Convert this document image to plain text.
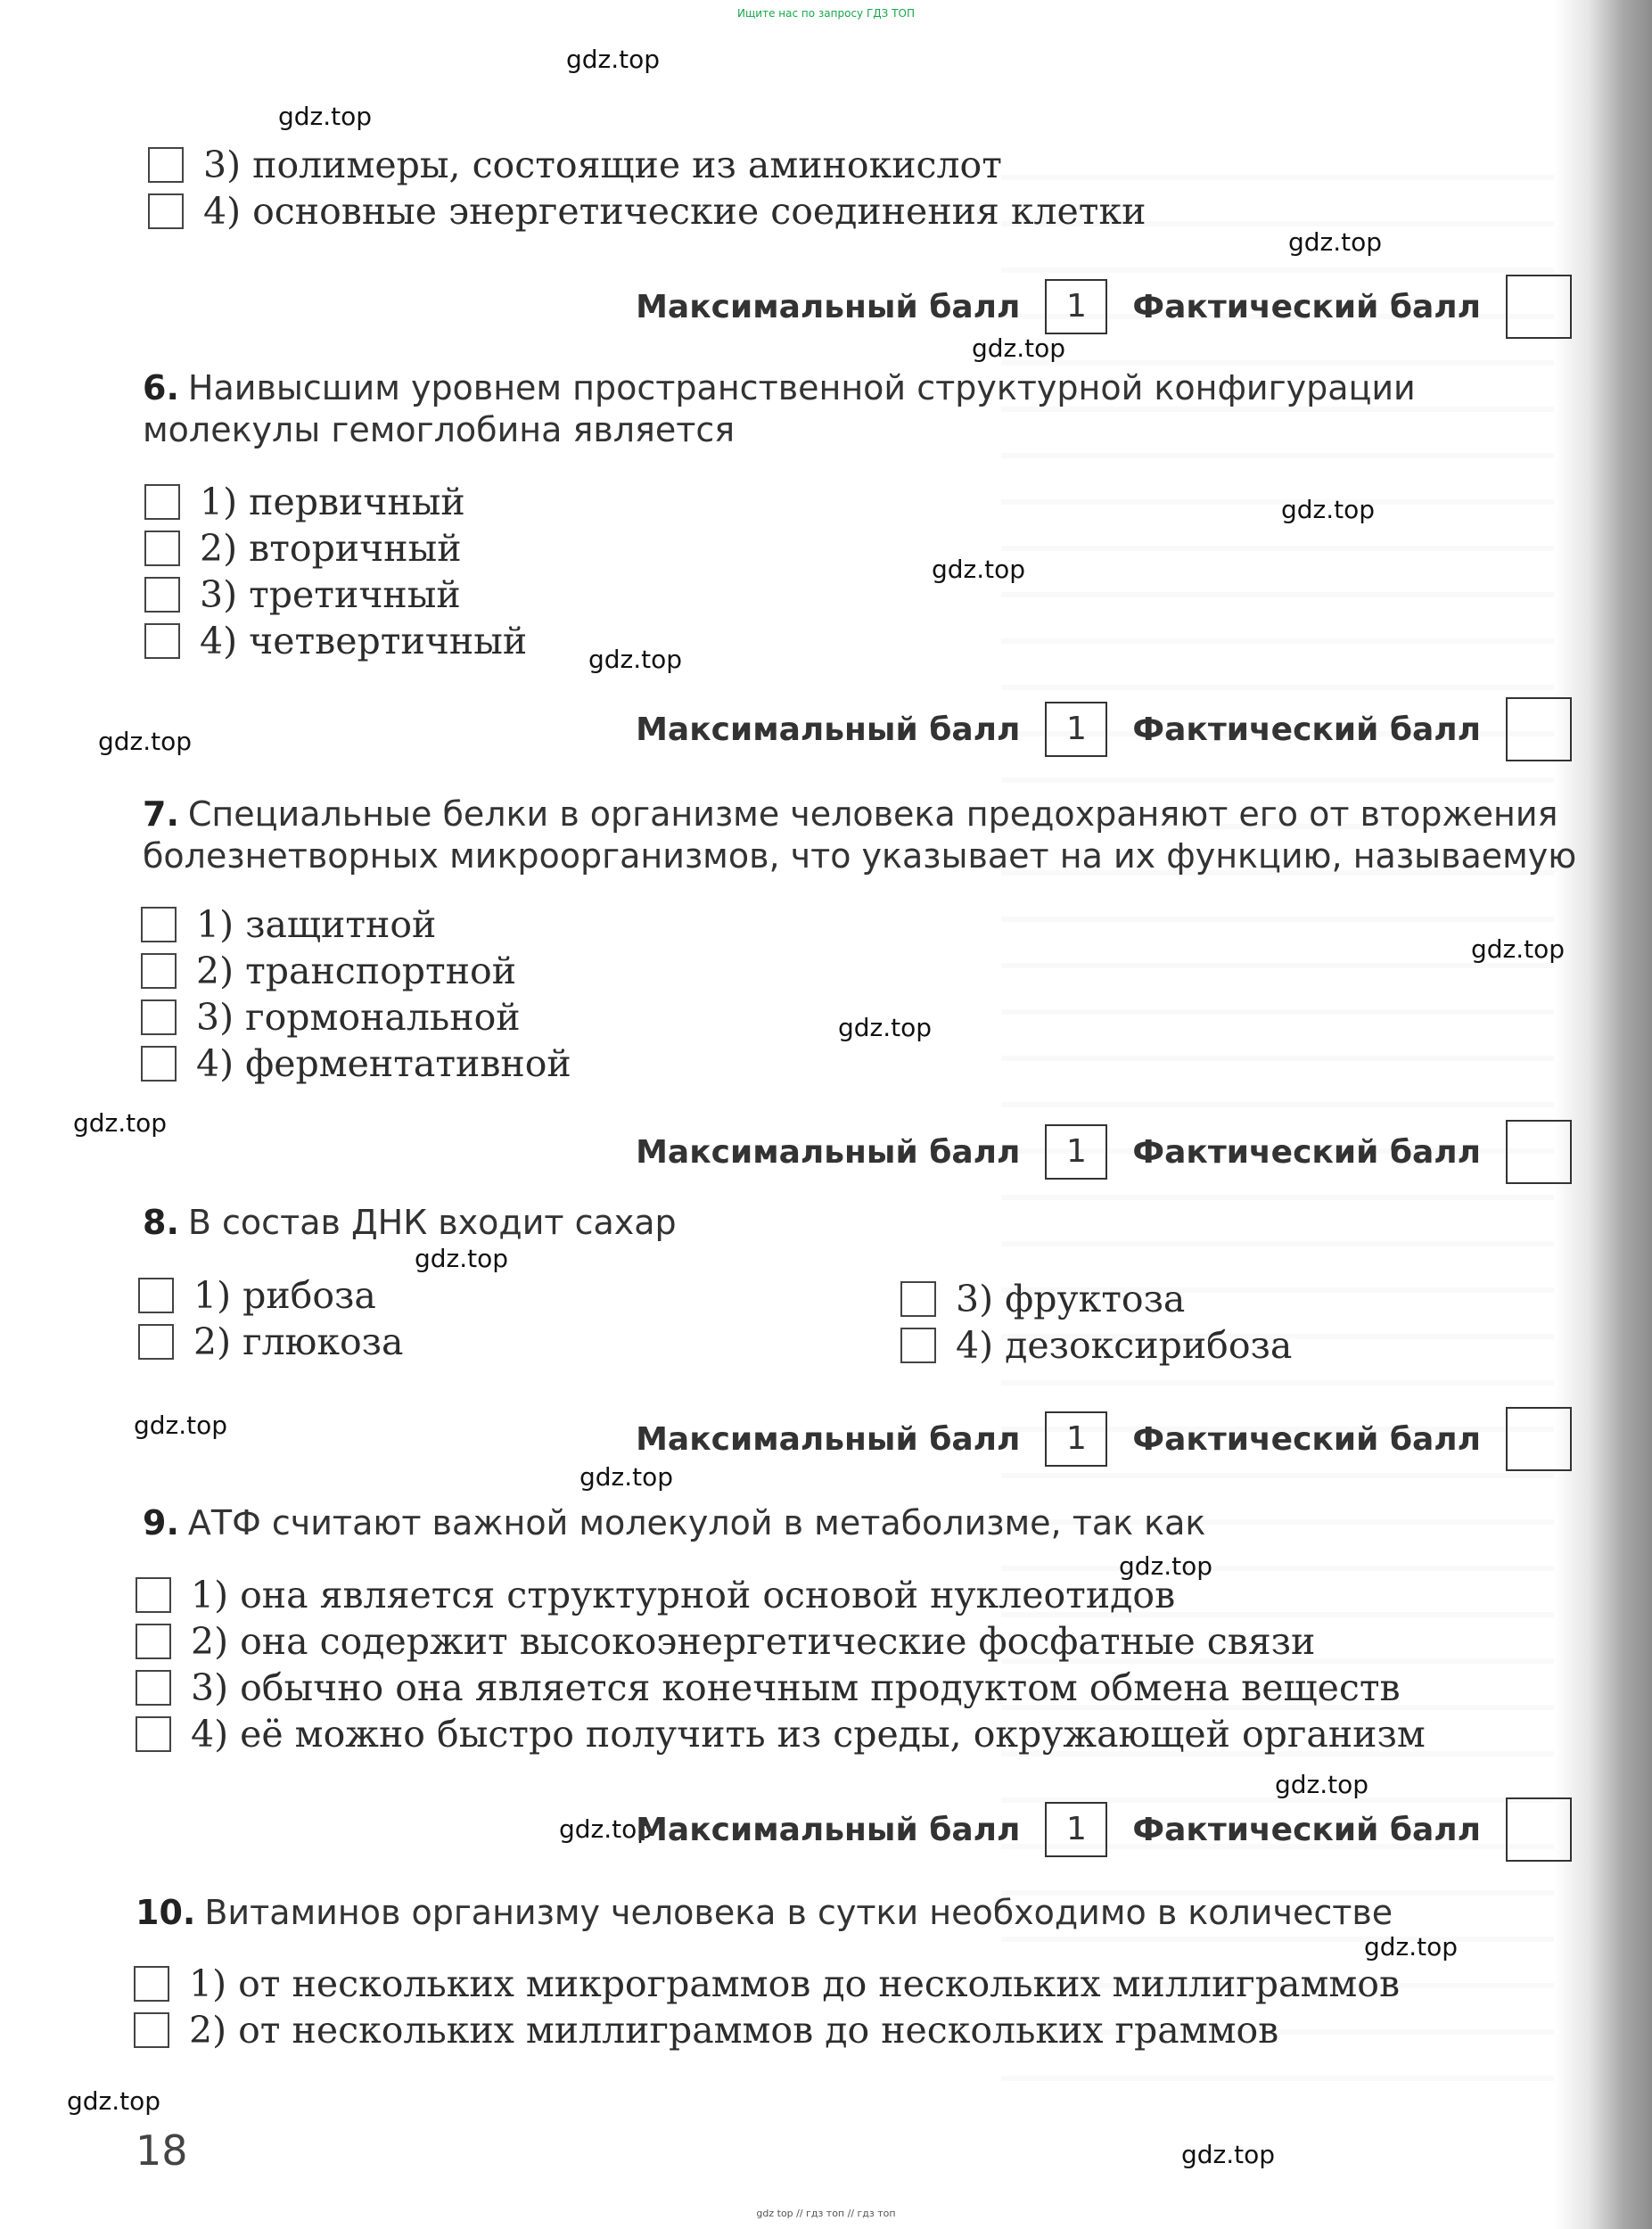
Ищите нас по запросу ГДЗ ТОП
gdz.top
gdz.top
gdz.top
gdz.top
gdz.top
gdz.top
gdz.top
gdz.top
gdz.top
gdz.top
gdz.top
gdz.top
gdz.top
gdz.top
gdz.top
gdz.top
gdz.top
gdz.top
gdz.top
gdz.top
3) полимеры, состоящие из аминокислот
4) основные энергетические соединения клетки
Максимальный балл 1 Фактический балл
6. Наивысшим уровнем пространственной структурной конфигурации молекулы гемоглобина является
1) первичный
2) вторичный
3) третичный
4) четвертичный
Максимальный балл 1 Фактический балл
7. Специальные белки в организме человека предохраняют его от вторжения болезнетворных микроорганизмов, что указывает на их функцию, называемую
1) защитной
2) транспортной
3) гормональной
4) ферментативной
Максимальный балл 1 Фактический балл
8. В состав ДНК входит сахар
1) рибоза
2) глюкоза
3) фруктоза
4) дезоксирибоза
Максимальный балл 1 Фактический балл
9. АТФ считают важной молекулой в метаболизме, так как
1) она является структурной основой нуклеотидов
2) она содержит высокоэнергетические фосфатные связи
3) обычно она является конечным продуктом обмена веществ
4) её можно быстро получить из среды, окружающей организм
Максимальный балл 1 Фактический балл
10. Витаминов организму человека в сутки необходимо в количестве
1) от нескольких микрограммов до нескольких миллиграммов
2) от нескольких миллиграммов до нескольких граммов
18
gdz top // гдз топ // гдз топ
